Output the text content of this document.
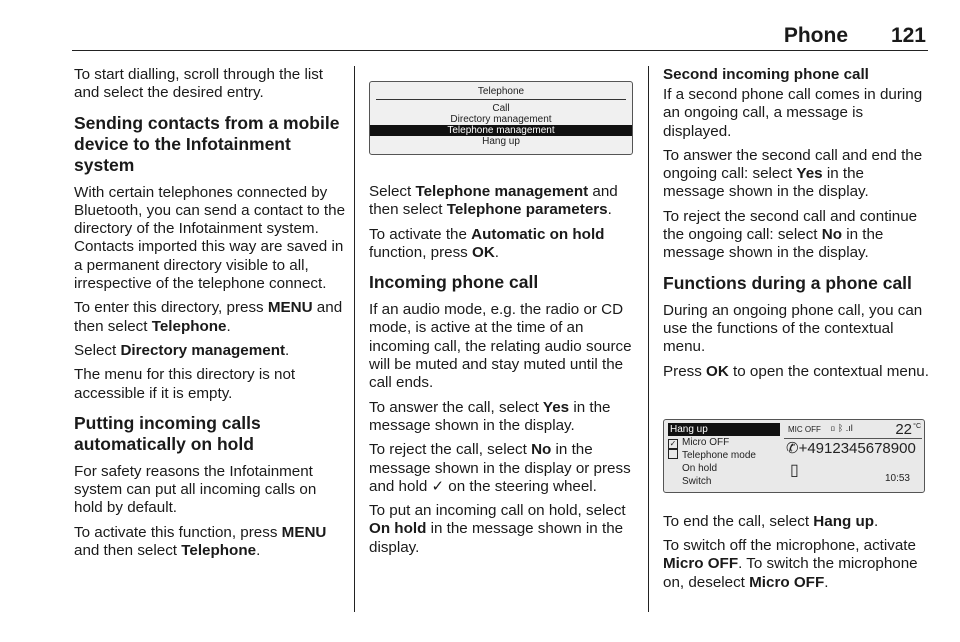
Phone 121

To start dialling, scroll through the list and select the desired entry.

Sending contacts from a mobile device to the Infotainment system

With certain telephones connected by Bluetooth, you can send a contact to the directory of the Infotainment system. Contacts imported this way are saved in a permanent directory visible to all, irrespective of the telephone connect.

To enter this directory, press MENU and then select Telephone.

Select Directory management.

The menu for this directory is not accessible if it is empty.

Putting incoming calls automatically on hold

For safety reasons the Infotainment system can put all incoming calls on hold by default.

To activate this function, press MENU and then select Telephone.

Telephone
Call
Directory management
Telephone management
Hang up

Select Telephone management and then select Telephone parameters.

To activate the Automatic on hold function, press OK.

Incoming phone call

If an audio mode, e.g. the radio or CD mode, is active at the time of an incoming call, the relating audio source will be muted and stay muted until the call ends.

To answer the call, select Yes in the message shown in the display.

To reject the call, select No in the message shown in the display or press and hold ✓ on the steering wheel.

To put an incoming call on hold, select On hold in the message shown in the display.

Second incoming phone call

If a second phone call comes in during an ongoing call, a message is displayed.

To answer the second call and end the ongoing call: select Yes in the message shown in the display.

To reject the second call and continue the ongoing call: select No in the message shown in the display.

Functions during a phone call

During an ongoing phone call, you can use the functions of the contextual menu.

Press OK to open the contextual menu.

To end the call, select Hang up.

To switch off the microphone, activate Micro OFF. To switch the microphone on, deselect Micro OFF.

Hang up
✓ Micro OFF
Telephone mode
On hold
Switch
MIC OFF ▯ ᛒ .ıl	22 °C
✆+4912345678900
▯	10:53
